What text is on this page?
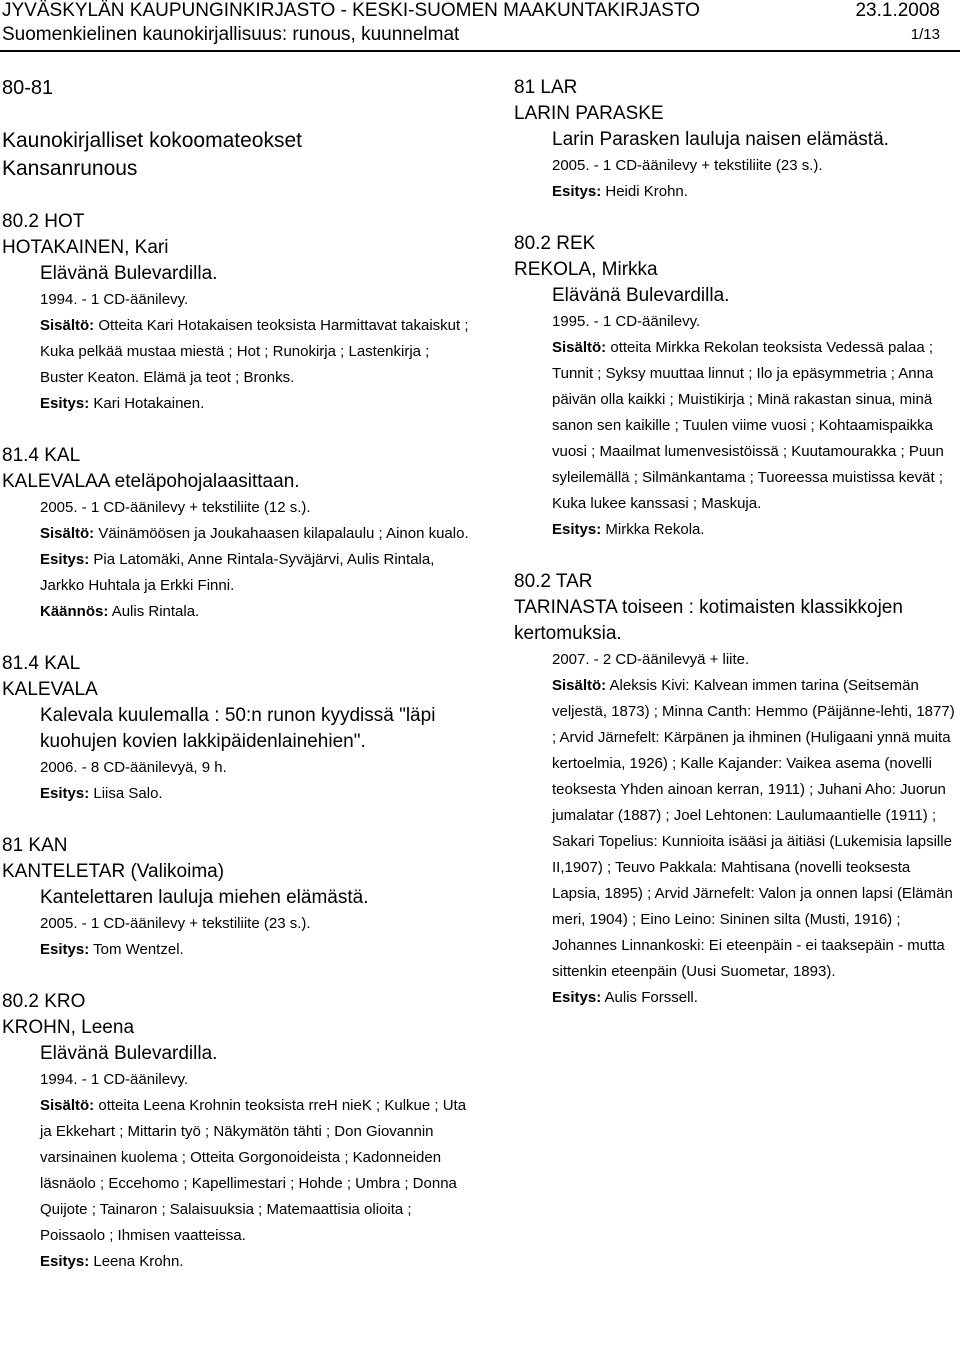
JYVÄSKYLÄN KAUPUNGINKIRJASTO - KESKI-SUOMEN MAAKUNTAKIRJASTO	23.1.2008
Suomenkielinen kaunokirjallisuus: runous, kuunnelmat	1/13
80-81
Kaunokirjalliset kokoomateokset
Kansanrunous
80.2 HOT
HOTAKAINEN, Kari
Elävänä Bulevardilla.
1994. - 1 CD-äänilevy.
Sisältö: Otteita Kari Hotakaisen teoksista Harmittavat takaiskut ; Kuka pelkää mustaa miestä ; Hot ; Runokirja ; Lastenkirja ; Buster Keaton. Elämä ja teot ; Bronks.
Esitys: Kari Hotakainen.
81.4 KAL
KALEVALAA eteläpohojalaasittaan.
2005. - 1 CD-äänilevy + tekstiliite (12 s.).
Sisältö: Väinämöösen ja Joukahaasen kilapalaulu ; Ainon kualo.
Esitys: Pia Latomäki, Anne Rintala-Syväjärvi, Aulis Rintala, Jarkko Huhtala ja Erkki Finni.
Käännös: Aulis Rintala.
81.4 KAL
KALEVALA
Kalevala kuulemalla : 50:n runon kyydissä "läpi kuohujen kovien lakkipäidenlainehien".
2006. - 8 CD-äänilevyä, 9 h.
Esitys: Liisa Salo.
81 KAN
KANTELETAR (Valikoima)
Kantelettaren lauluja miehen elämästä.
2005. - 1 CD-äänilevy + tekstiliite (23 s.).
Esitys: Tom Wentzel.
80.2 KRO
KROHN, Leena
Elävänä Bulevardilla.
1994. - 1 CD-äänilevy.
Sisältö: otteita Leena Krohnin teoksista rreH nieK ; Kulkue ; Uta ja Ekkehart ; Mittarin työ ; Näkymätön tähti ; Don Giovannin varsinainen kuolema ; Otteita Gorgonoideista ; Kadonneiden läsnäolo ; Eccehomo ; Kapellimestari ; Hohde ; Umbra ; Donna Quijote ; Tainaron ; Salaisuuksia ; Matemaattisia olioita ; Poissaolo ; Ihmisen vaatteissa.
Esitys: Leena Krohn.
81 LAR
LARIN PARASKE
Larin Parasken lauluja naisen elämästä.
2005. - 1 CD-äänilevy + tekstiliite (23 s.).
Esitys: Heidi Krohn.
80.2 REK
REKOLA, Mirkka
Elävänä Bulevardilla.
1995. - 1 CD-äänilevy.
Sisältö: otteita Mirkka Rekolan teoksista Vedessä palaa ; Tunnit ; Syksy muuttaa linnut ; Ilo ja epäsymmetria ; Anna päivän olla kaikki ; Muistikirja ; Minä rakastan sinua, minä sanon sen kaikille ; Tuulen viime vuosi ; Kohtaamispaikka vuosi ; Maailmat lumenvesistöissä ; Kuutamourakka ; Puun syleilemällä ; Silmänkantama ; Tuoreessa muistissa kevät ; Kuka lukee kanssasi ; Maskuja.
Esitys: Mirkka Rekola.
80.2 TAR
TARINASTA toiseen : kotimaisten klassikkojen kertomuksia.
2007. - 2 CD-äänilevyä + liite.
Sisältö: Aleksis Kivi: Kalvean immen tarina (Seitsemän veljestä, 1873) ; Minna Canth: Hemmo (Päijänne-lehti, 1877) ; Arvid Järnefelt: Kärpänen ja ihminen (Huligaani ynnä muita kertoelmia, 1926) ; Kalle Kajander: Vaikea asema (novelli teoksesta Yhden ainoan kerran, 1911) ; Juhani Aho: Juorun jumalatar (1887) ; Joel Lehtonen: Laulumaantielle (1911) ; Sakari Topelius: Kunnioita isääsi ja äitiäsi (Lukemisia lapsille II,1907) ; Teuvo Pakkala: Mahtisana (novelli teoksesta Lapsia, 1895) ; Arvid Järnefelt: Valon ja onnen lapsi (Elämän meri, 1904) ; Eino Leino: Sininen silta (Musti, 1916) ; Johannes Linnankoski: Ei eteenpäin - ei taaksepäin - mutta sittenkin eteenpäin (Uusi Suometar, 1893).
Esitys: Aulis Forssell.
